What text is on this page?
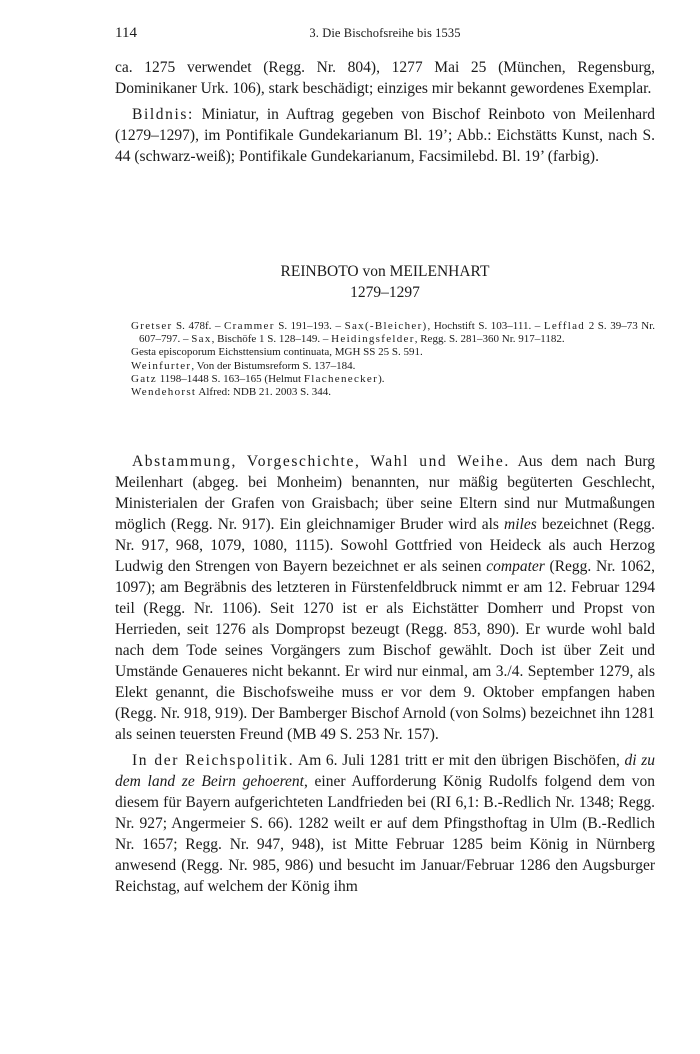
114	3. Die Bischofsreihe bis 1535

ca. 1275 verwendet (Regg. Nr. 804), 1277 Mai 25 (München, Regensburg, Dominikaner Urk. 106), stark beschädigt; einziges mir bekannt gewordenes Exemplar.

Bildnis: Miniatur, in Auftrag gegeben von Bischof Reinboto von Meilenhard (1279–1297), im Pontifikale Gundekarianum Bl. 19’; Abb.: Eichstätts Kunst, nach S. 44 (schwarz-weiß); Pontifikale Gundekarianum, Facsimilebd. Bl. 19’ (farbig).

REINBOTO von MEILENHART
1279–1297
Gretser S. 478f. – Crammer S. 191–193. – Sax(-Bleicher), Hochstift S. 103–111. – Lefflad 2 S. 39–73 Nr. 607–797. – Sax, Bischöfe 1 S. 128–149. – Heidingsfelder, Regg. S. 281–360 Nr. 917–1182.
Gesta episcoporum Eichsttensium continuata, MGH SS 25 S. 591.
Weinfurter, Von der Bistumsreform S. 137–184.
Gatz 1198–1448 S. 163–165 (Helmut Flachenecker).
Wendehorst Alfred: NDB 21. 2003 S. 344.

Abstammung, Vorgeschichte, Wahl und Weihe. Aus dem nach Burg Meilenhart (abgeg. bei Monheim) benannten, nur mäßig begüterten Geschlecht, Ministerialen der Grafen von Graisbach; über seine Eltern sind nur Mutmaßungen möglich (Regg. Nr. 917). Ein gleichnamiger Bruder wird als miles bezeichnet (Regg. Nr. 917, 968, 1079, 1080, 1115). Sowohl Gottfried von Heideck als auch Herzog Ludwig den Strengen von Bayern bezeichnet er als seinen compater (Regg. Nr. 1062, 1097); am Begräbnis des letzteren in Fürstenfeldbruck nimmt er am 12. Februar 1294 teil (Regg. Nr. 1106). Seit 1270 ist er als Eichstätter Domherr und Propst von Herrieden, seit 1276 als Dompropst bezeugt (Regg. 853, 890). Er wurde wohl bald nach dem Tode seines Vorgängers zum Bischof gewählt. Doch ist über Zeit und Umstände Genaueres nicht bekannt. Er wird nur einmal, am 3./4. September 1279, als Elekt genannt, die Bischofsweihe muss er vor dem 9. Oktober empfangen haben (Regg. Nr. 918, 919). Der Bamberger Bischof Arnold (von Solms) bezeichnet ihn 1281 als seinen teuersten Freund (MB 49 S. 253 Nr. 157).

In der Reichspolitik. Am 6. Juli 1281 tritt er mit den übrigen Bischöfen, di zu dem land ze Beirn gehoerent, einer Aufforderung König Rudolfs folgend dem von diesem für Bayern aufgerichteten Landfrieden bei (RI 6,1: B.-Redlich Nr. 1348; Regg. Nr. 927; Angermeier S. 66). 1282 weilt er auf dem Pfingsthoftag in Ulm (B.-Redlich Nr. 1657; Regg. Nr. 947, 948), ist Mitte Februar 1285 beim König in Nürnberg anwesend (Regg. Nr. 985, 986) und besucht im Januar/Februar 1286 den Augsburger Reichstag, auf welchem der König ihm
